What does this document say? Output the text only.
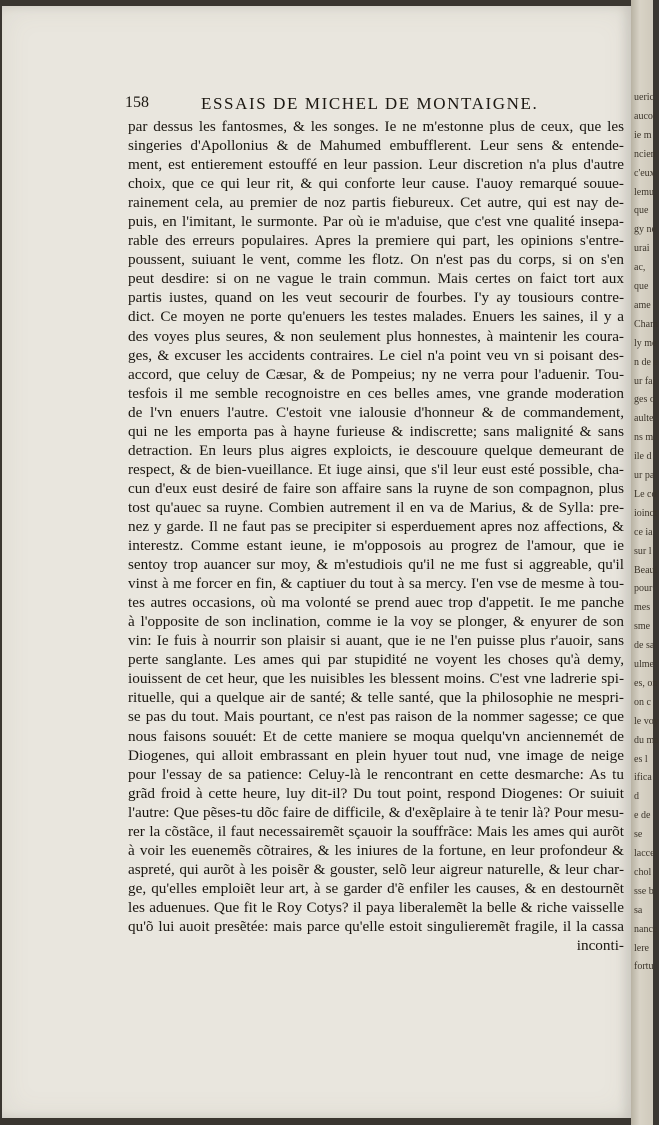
ueric
aucol
ie m
ncien
c'eux
lemu
que
gy ne
urai
ac,
que
ame
Cham
ly me
n de e
ur fai
ges o
aulte
ns m
ile d
ur pa
Le co
ioinct
ce ia
sur l
Beaul
pour
mes
sme
de sa
ulme
es, on
on c
le voy
du ma
es l
ifica
d
e de
se
lacce
chol
sse b
sa
nance
lere
fortu
158	ESSAIS DE MICHEL DE MONTAIGNE.
par dessus les fantosmes, & les songes. Ie ne m'estonne plus de ceux, que les
singeries d'Apollonius & de Mahumed embufflerent. Leur sens & entende-
ment, est entierement estouffé en leur passion. Leur discretion n'a plus d'autre
choix, que ce qui leur rit, & qui conforte leur cause. I'auoy remarqué souue-
rainement cela, au premier de noz partis fiebureux. Cet autre, qui est nay de-
puis, en l'imitant, le surmonte. Par où ie m'aduise, que c'est vne qualité insepa-
rable des erreurs populaires. Apres la premiere qui part, les opinions s'entre-
poussent, suiuant le vent, comme les flotz. On n'est pas du corps, si on s'en
peut desdire: si on ne vague le train commun. Mais certes on faict tort aux
partis iustes, quand on les veut secourir de fourbes. I'y ay tousiours contre-
dict. Ce moyen ne porte qu'enuers les testes malades. Enuers les saines, il y a
des voyes plus seures, & non seulement plus honnestes, à maintenir les coura-
ges, & excuser les accidents contraires. Le ciel n'a point veu vn si poisant des-
accord, que celuy de Cæsar, & de Pompeius; ny ne verra pour l'aduenir. Tou-
tesfois il me semble recognoistre en ces belles ames, vne grande moderation
de l'vn enuers l'autre. C'estoit vne ialousie d'honneur & de commandement,
qui ne les emporta pas à hayne furieuse & indiscrette; sans malignité & sans
detraction. En leurs plus aigres exploicts, ie descouure quelque demeurant de
respect, & de bien-vueillance. Et iuge ainsi, que s'il leur eust esté possible, cha-
cun d'eux eust desiré de faire son affaire sans la ruyne de son compagnon, plus
tost qu'auec sa ruyne. Combien autrement il en va de Marius, & de Sylla: pre-
nez y garde. Il ne faut pas se precipiter si esperduement apres noz affections, &
interestz. Comme estant ieune, ie m'opposois au progrez de l'amour, que ie
sentoy trop auancer sur moy, & m'estudiois qu'il ne me fust si aggreable, qu'il
vinst à me forcer en fin, & captiuer du tout à sa mercy. I'en vse de mesme à tou-
tes autres occasions, où ma volonté se prend auec trop d'appetit. Ie me panche
à l'opposite de son inclination, comme ie la voy se plonger, & enyurer de son
vin: Ie fuis à nourrir son plaisir si auant, que ie ne l'en puisse plus r'auoir, sans
perte sanglante. Les ames qui par stupidité ne voyent les choses qu'à demy,
iouissent de cet heur, que les nuisibles les blessent moins. C'est vne ladrerie spi-
rituelle, qui a quelque air de santé; & telle santé, que la philosophie ne mespri-
se pas du tout. Mais pourtant, ce n'est pas raison de la nommer sagesse; ce que
nous faisons souuét: Et de cette maniere se moqua quelqu'vn anciennemét de
Diogenes, qui alloit embrassant en plein hyuer tout nud, vne image de neige
pour l'essay de sa patience: Celuy-là le rencontrant en cette desmarche: As tu
grãd froid à cette heure, luy dit-il? Du tout point, respond Diogenes: Or suiuit
l'autre: Que pẽses-tu dõc faire de difficile, & d'exẽplaire à te tenir là? Pour mesu-
rer la cõstãce, il faut necessairemẽt sçauoir la souffrãce: Mais les ames qui aurõt
à voir les euenemẽs cõtraires, & les iniures de la fortune, en leur profondeur &
aspreté, qui aurõt à les poisẽr & gouster, selõ leur aigreur naturelle, & leur char-
ge, qu'elles emploiẽt leur art, à se garder d'ẽ enfiler les causes, & en destournẽt
les aduenues. Que fit le Roy Cotys? il paya liberalemẽt la belle & riche vaisselle
qu'õ lui auoit presẽtée: mais parce qu'elle estoit singulieremẽt fragile, il la cassa
inconti-
